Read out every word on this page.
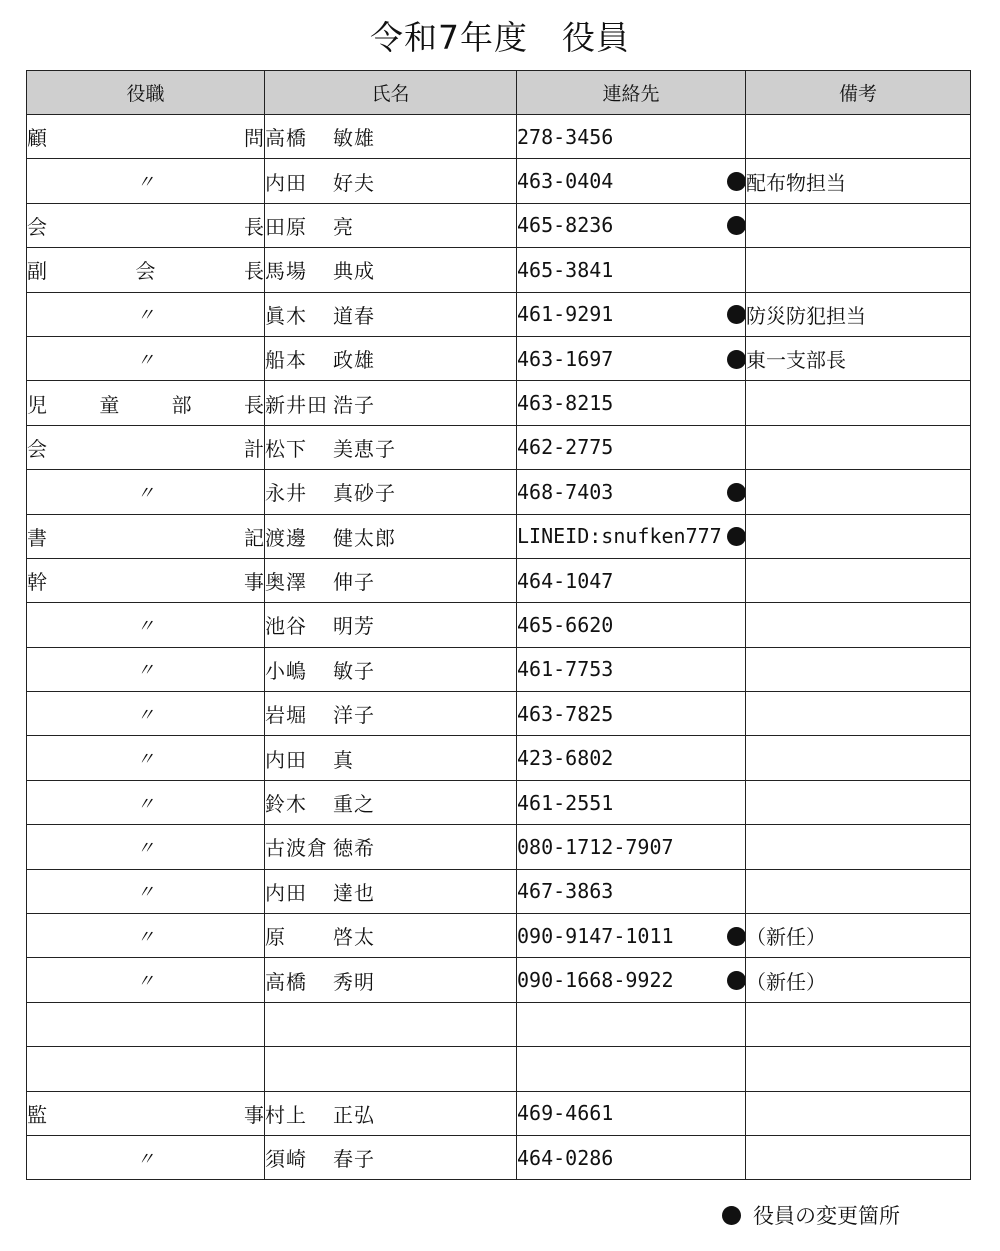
令和7年度　役員
役職	氏名	連絡先	備考

顧 問	高橋 敏雄	278-3456	

〃	内田 好夫	463-0404	配布物担当

会 長	田原 亮	465-8236

副 会 長	馬場 典成	465-3841	

〃	眞木 道春	461-9291	防災防犯担当

〃	船本 政雄	463-1697	東一支部長

児 童 部 長	新井田 浩子	463-8215	

会 計	松下 美恵子	462-2775	

〃	永井 真砂子	468-7403

書 記	渡邊 健太郎	LINEID:snufken777

幹 事	奥澤 伸子	464-1047	

〃	池谷 明芳	465-6620	

〃	小嶋 敏子	461-7753	

〃	岩堀 洋子	463-7825	

〃	内田 真	423-6802	

〃	鈴木 重之	461-2551	

〃	古波倉 徳希	080-1712-7907	

〃	内田 達也	467-3863	

〃	原 啓太	090-9147-1011	（新任）

〃	高橋 秀明	090-1668-9922	（新任）

監 事	村上 正弘	469-4661	

〃	須崎 春子	464-0286	
役員の変更箇所
